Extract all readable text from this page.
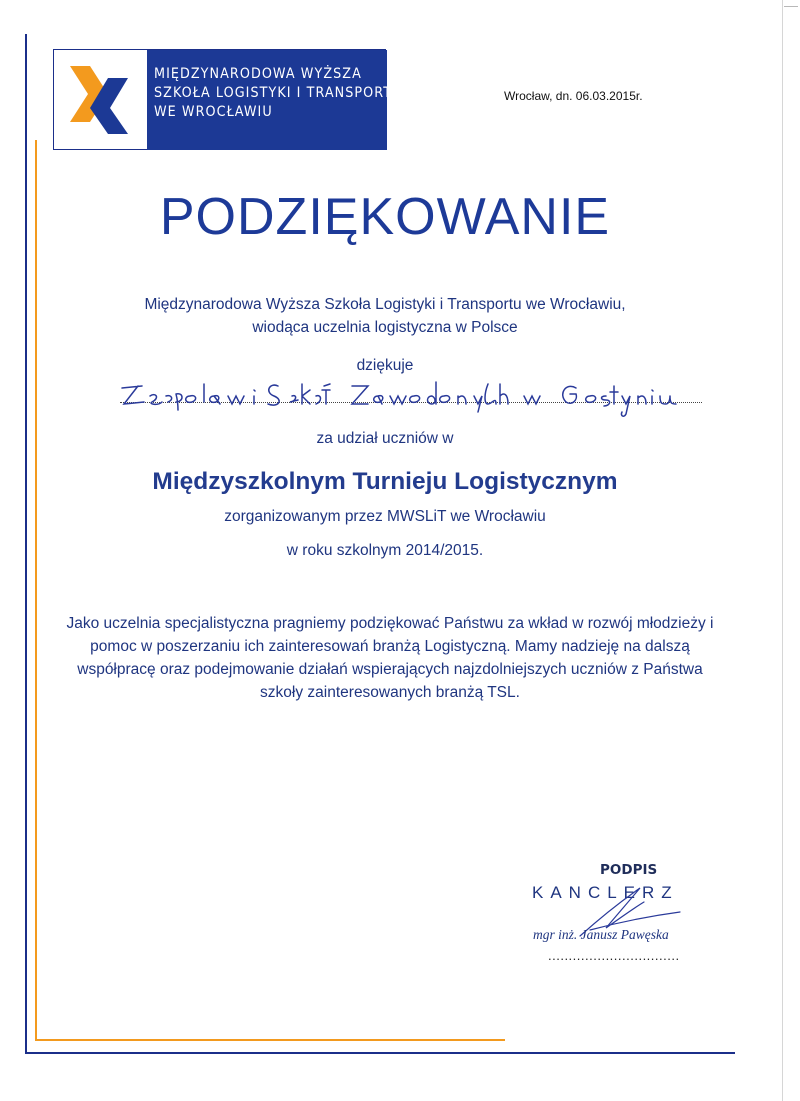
MIĘDZYNARODOWA WYŻSZA
SZKOŁA LOGISTYKI I TRANSPORTU
WE WROCŁAWIU
Wrocław, dn. 06.03.2015r.
PODZIĘKOWANIE
Międzynarodowa Wyższa Szkoła Logistyki i Transportu we Wrocławiu,
wiodąca uczelnia logistyczna w Polsce
dziękuje
za udział uczniów w
Międzyszkolnym Turnieju Logistycznym
zorganizowanym przez MWSLiT we Wrocławiu
w roku szkolnym 2014/2015.
Jako uczelnia specjalistyczna pragniemy podziękować Państwu za wkład w rozwój młodzieży i pomoc w poszerzaniu ich zainteresowań branżą Logistyczną. Mamy nadzieję na dalszą współpracę oraz podejmowanie działań wspierających najzdolniejszych uczniów z Państwa szkoły zainteresowanych branżą TSL.
PODPIS
KANCLERZ
mgr inż. Janusz Pawęska
................................
